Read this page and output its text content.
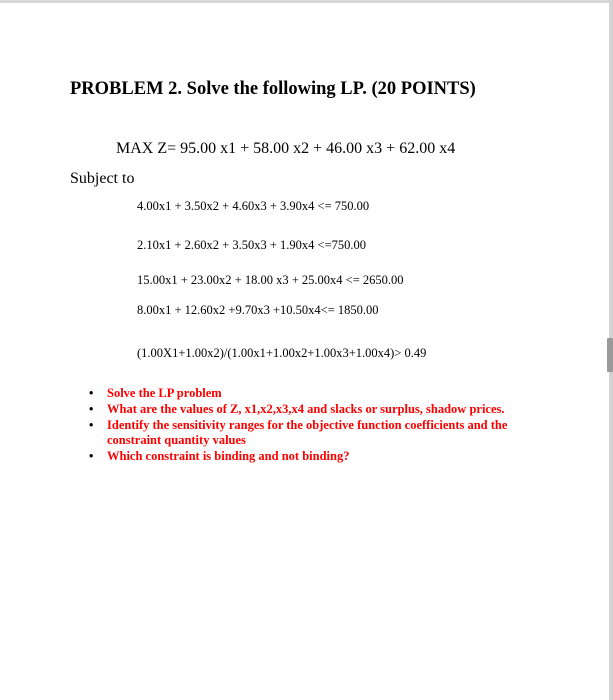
PROBLEM 2. Solve the following LP. (20 POINTS)
MAX Z= 95.00 x1 + 58.00 x2 + 46.00 x3 + 62.00 x4
Subject to
4.00x1 + 3.50x2 + 4.60x3 + 3.90x4 <= 750.00
2.10x1 + 2.60x2 + 3.50x3 + 1.90x4 <=750.00
15.00x1 + 23.00x2 + 18.00 x3 + 25.00x4 <= 2650.00
8.00x1 + 12.60x2 +9.70x3 +10.50x4<= 1850.00
(1.00X1+1.00x2)/(1.00x1+1.00x2+1.00x3+1.00x4)> 0.49
• Solve the LP problem
• What are the values of Z, x1,x2,x3,x4 and slacks or surplus, shadow prices.
• Identify the sensitivity ranges for the objective function coefficients and the constraint quantity values
• Which constraint is binding and not binding?
